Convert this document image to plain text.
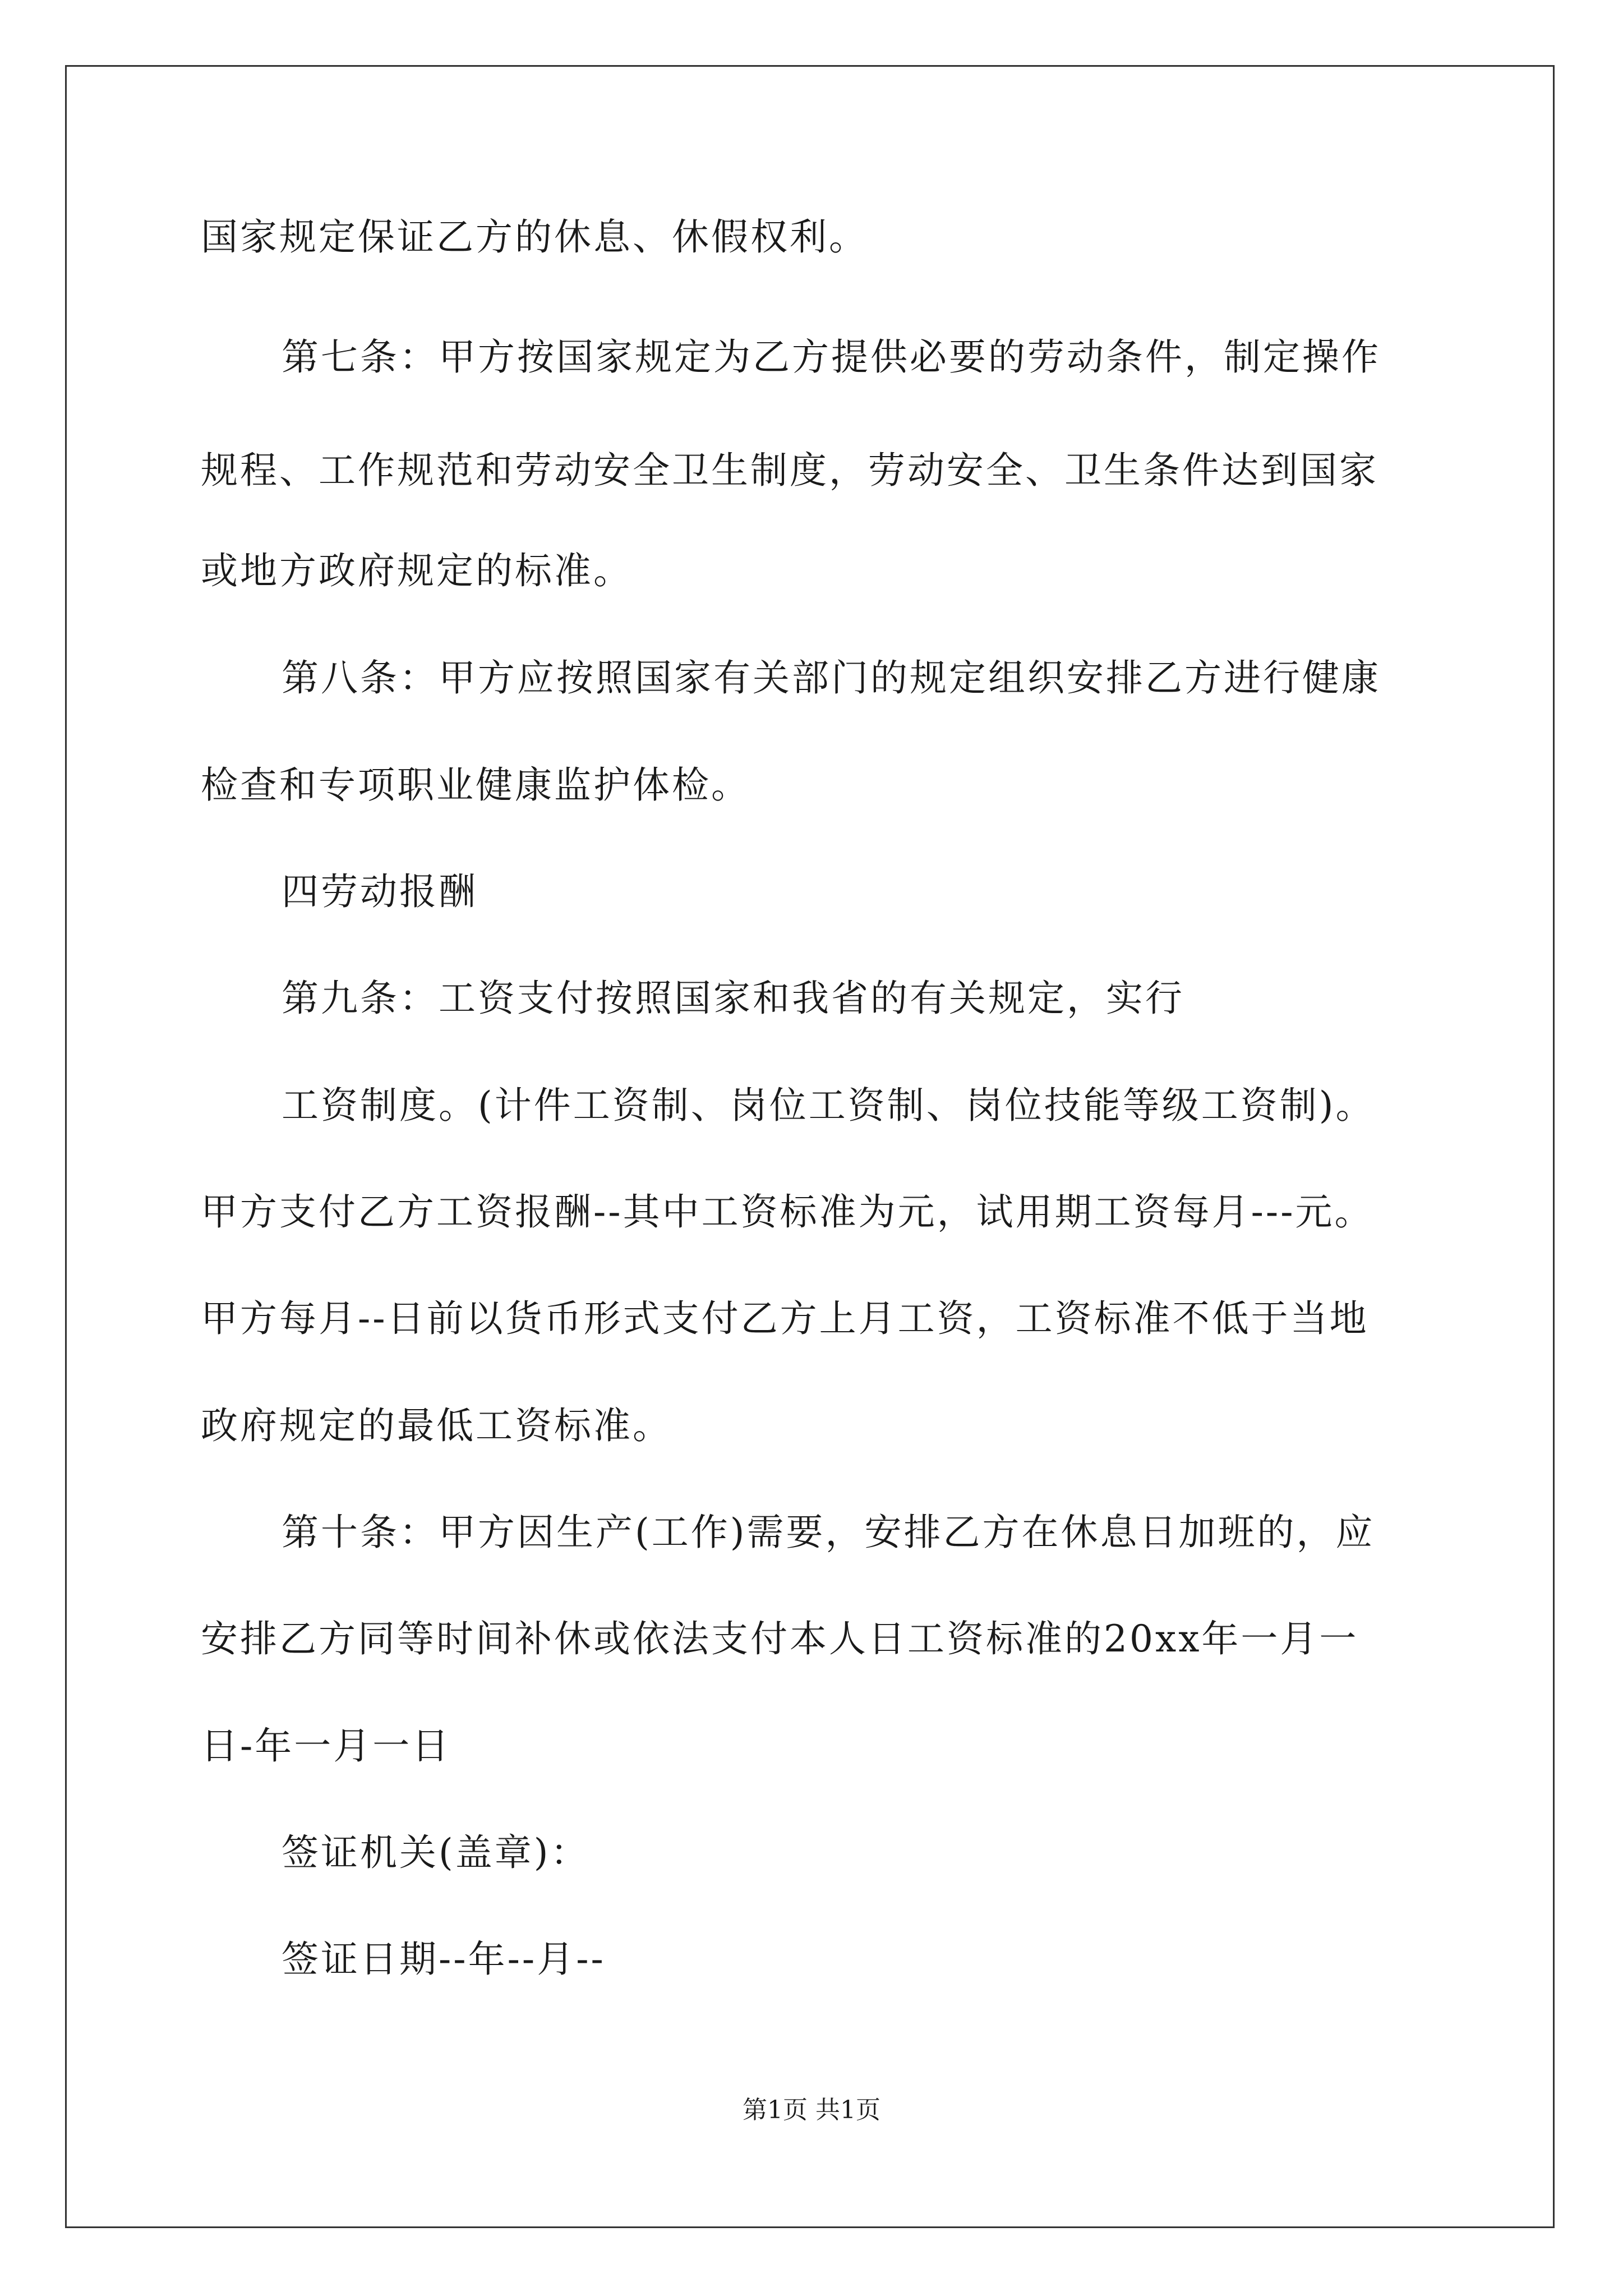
国家规定保证乙方的休息、休假权利。
第七条：甲方按国家规定为乙方提供必要的劳动条件，制定操作
规程、工作规范和劳动安全卫生制度，劳动安全、卫生条件达到国家
或地方政府规定的标准。
第八条：甲方应按照国家有关部门的规定组织安排乙方进行健康
检查和专项职业健康监护体检。
四劳动报酬
第九条：工资支付按照国家和我省的有关规定，实行
工资制度。(计件工资制、岗位工资制、岗位技能等级工资制)。
甲方支付乙方工资报酬--其中工资标准为元，试用期工资每月---元。
甲方每月--日前以货币形式支付乙方上月工资，工资标准不低于当地
政府规定的最低工资标准。
第十条：甲方因生产(工作)需要，安排乙方在休息日加班的，应
安排乙方同等时间补休或依法支付本人日工资标准的20xx年一月一
日-年一月一日
签证机关(盖章)：
签证日期--年--月--
第1页 共1页
